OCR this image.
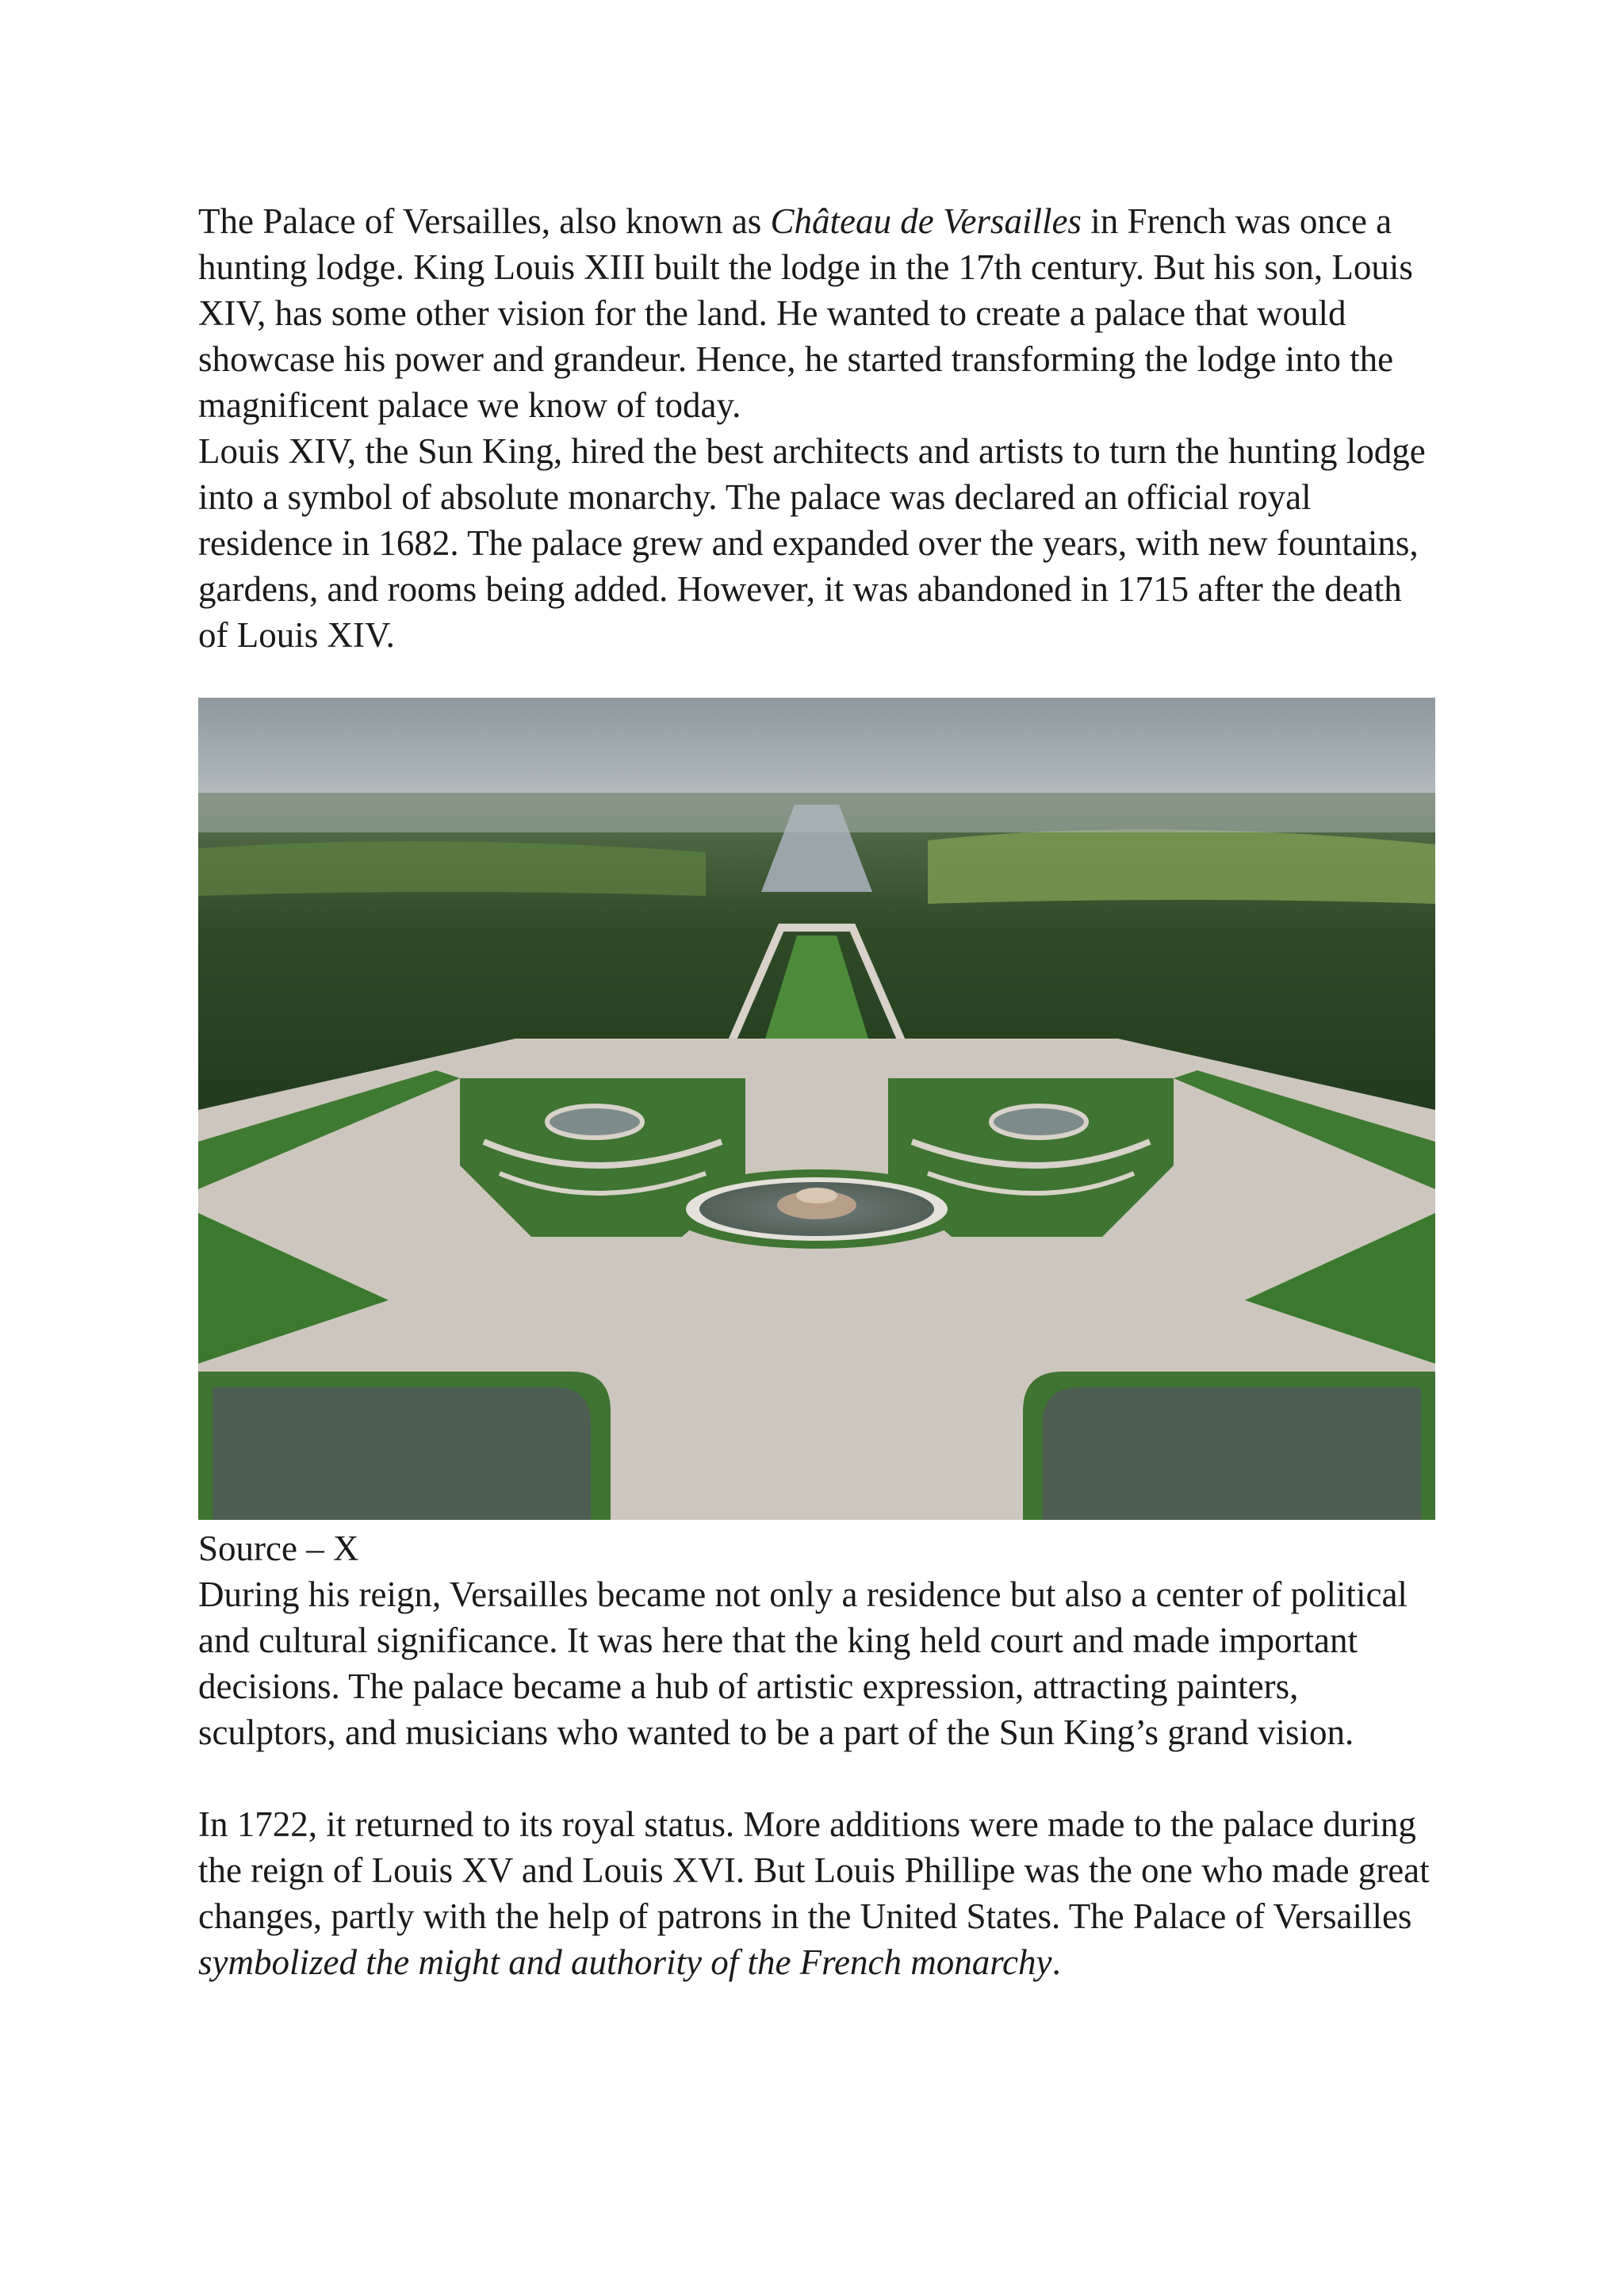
The Palace of Versailles, also known as Château de Versailles in French was once a hunting lodge. King Louis XIII built the lodge in the 17th century. But his son, Louis XIV, has some other vision for the land. He wanted to create a palace that would showcase his power and grandeur. Hence, he started transforming the lodge into the magnificent palace we know of today.

Louis XIV, the Sun King, hired the best architects and artists to turn the hunting lodge into a symbol of absolute monarchy. The palace was declared an official royal residence in 1682. The palace grew and expanded over the years, with new fountains, gardens, and rooms being added. However, it was abandoned in 1715 after the death of Louis XIV.

Source – X

During his reign, Versailles became not only a residence but also a center of political and cultural significance. It was here that the king held court and made important decisions. The palace became a hub of artistic expression, attracting painters, sculptors, and musicians who wanted to be a part of the Sun King’s grand vision.

In 1722, it returned to its royal status. More additions were made to the palace during the reign of Louis XV and Louis XVI. But Louis Phillipe was the one who made great changes, partly with the help of patrons in the United States. The Palace of Versailles symbolized the might and authority of the French monarchy.
